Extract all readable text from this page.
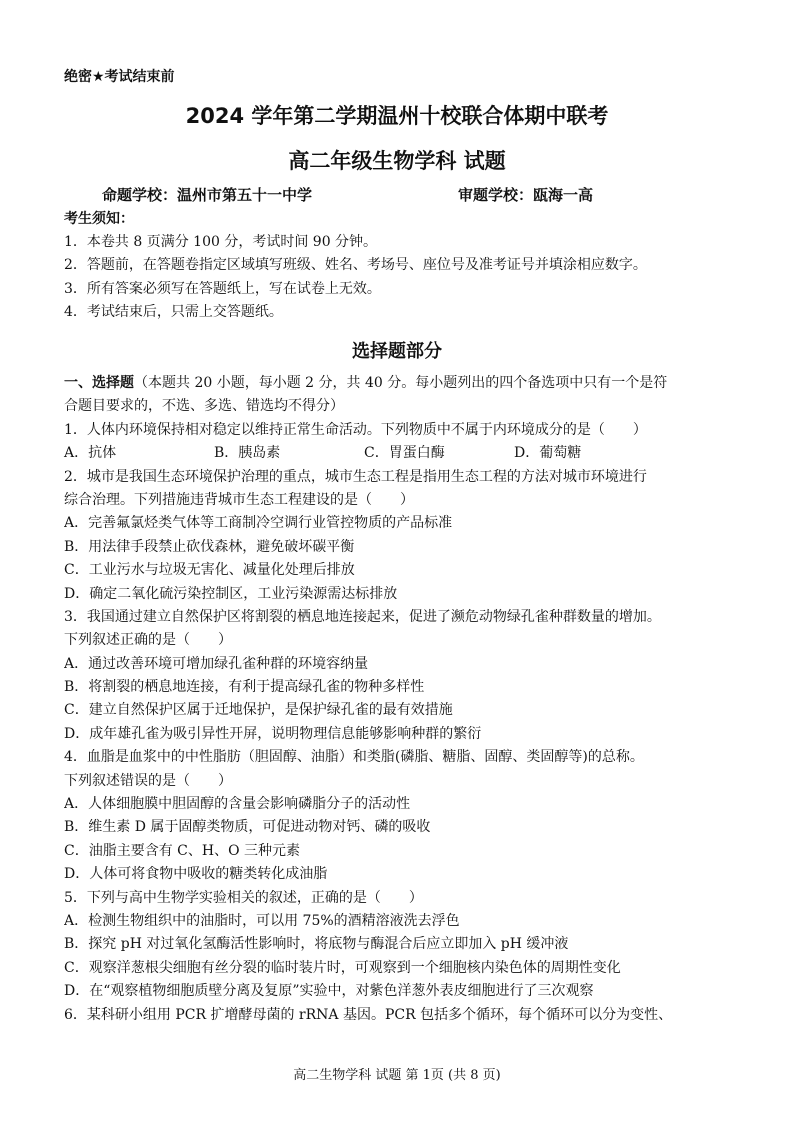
绝密★考试结束前
2024 学年第二学期温州十校联合体期中联考
高二年级生物学科 试题
命题学校：温州市第五十一中学	审题学校：瓯海一高
考生须知：
1．本卷共 8 页满分 100 分，考试时间 90 分钟。
2．答题前，在答题卷指定区域填写班级、姓名、考场号、座位号及准考证号并填涂相应数字。
3．所有答案必须写在答题纸上，写在试卷上无效。
4．考试结束后，只需上交答题纸。
选择题部分
一、选择题（本题共 20 小题，每小题 2 分，共 40 分。每小题列出的四个备选项中只有一个是符
合题目要求的，不选、多选、错选均不得分）
1．人体内环境保持相对稳定以维持正常生命活动。下列物质中不属于内环境成分的是（　　）
A．抗体	B．胰岛素	C．胃蛋白酶	D．葡萄糖
2．城市是我国生态环境保护治理的重点，城市生态工程是指用生态工程的方法对城市环境进行
综合治理。下列措施违背城市生态工程建设的是（　　）
A．完善氟氯烃类气体等工商制冷空调行业管控物质的产品标准
B．用法律手段禁止砍伐森林，避免破坏碳平衡
C．工业污水与垃圾无害化、减量化处理后排放
D．确定二氧化硫污染控制区，工业污染源需达标排放
3．我国通过建立自然保护区将割裂的栖息地连接起来，促进了濒危动物绿孔雀种群数量的增加。
下列叙述正确的是（　　）
A．通过改善环境可增加绿孔雀种群的环境容纳量
B．将割裂的栖息地连接，有利于提高绿孔雀的物种多样性
C．建立自然保护区属于迁地保护，是保护绿孔雀的最有效措施
D．成年雄孔雀为吸引异性开屏，说明物理信息能够影响种群的繁衍
4．血脂是血浆中的中性脂肪（胆固醇、油脂）和类脂(磷脂、糖脂、固醇、类固醇等)的总称。
下列叙述错误的是（　　）
A．人体细胞膜中胆固醇的含量会影响磷脂分子的活动性
B．维生素 D 属于固醇类物质，可促进动物对钙、磷的吸收
C．油脂主要含有 C、H、O 三种元素
D．人体可将食物中吸收的糖类转化成油脂
5．下列与高中生物学实验相关的叙述，正确的是（　　）
A．检测生物组织中的油脂时，可以用 75%的酒精溶液洗去浮色
B．探究 pH 对过氧化氢酶活性影响时，将底物与酶混合后应立即加入 pH 缓冲液
C．观察洋葱根尖细胞有丝分裂的临时装片时，可观察到一个细胞核内染色体的周期性变化
D．在“观察植物细胞质壁分离及复原”实验中，对紫色洋葱外表皮细胞进行了三次观察
6．某科研小组用 PCR 扩增酵母菌的 rRNA 基因。PCR 包括多个循环，每个循环可以分为变性、
高二生物学科 试题 第 1页 (共 8 页)
